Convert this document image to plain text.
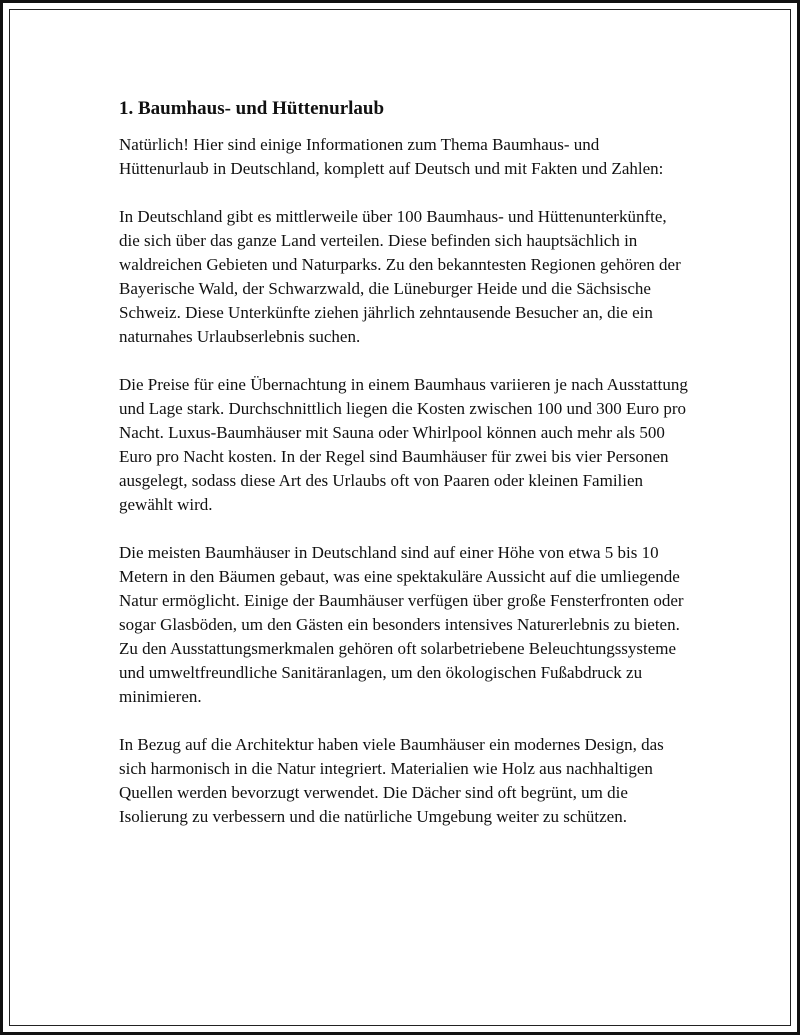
1. Baumhaus- und Hüttenurlaub

Natürlich! Hier sind einige Informationen zum Thema Baumhaus- und Hüttenurlaub in Deutschland, komplett auf Deutsch und mit Fakten und Zahlen:

In Deutschland gibt es mittlerweile über 100 Baumhaus- und Hüttenunterkünfte, die sich über das ganze Land verteilen. Diese befinden sich hauptsächlich in waldreichen Gebieten und Naturparks. Zu den bekanntesten Regionen gehören der Bayerische Wald, der Schwarzwald, die Lüneburger Heide und die Sächsische Schweiz. Diese Unterkünfte ziehen jährlich zehntausende Besucher an, die ein naturnahes Urlaubserlebnis suchen.

Die Preise für eine Übernachtung in einem Baumhaus variieren je nach Ausstattung und Lage stark. Durchschnittlich liegen die Kosten zwischen 100 und 300 Euro pro Nacht. Luxus-Baumhäuser mit Sauna oder Whirlpool können auch mehr als 500 Euro pro Nacht kosten. In der Regel sind Baumhäuser für zwei bis vier Personen ausgelegt, sodass diese Art des Urlaubs oft von Paaren oder kleinen Familien gewählt wird.

Die meisten Baumhäuser in Deutschland sind auf einer Höhe von etwa 5 bis 10 Metern in den Bäumen gebaut, was eine spektakuläre Aussicht auf die umliegende Natur ermöglicht. Einige der Baumhäuser verfügen über große Fensterfronten oder sogar Glasböden, um den Gästen ein besonders intensives Naturerlebnis zu bieten. Zu den Ausstattungsmerkmalen gehören oft solarbetriebene Beleuchtungssysteme und umweltfreundliche Sanitäranlagen, um den ökologischen Fußabdruck zu minimieren.

In Bezug auf die Architektur haben viele Baumhäuser ein modernes Design, das sich harmonisch in die Natur integriert. Materialien wie Holz aus nachhaltigen Quellen werden bevorzugt verwendet. Die Dächer sind oft begrünt, um die Isolierung zu verbessern und die natürliche Umgebung weiter zu schützen.
